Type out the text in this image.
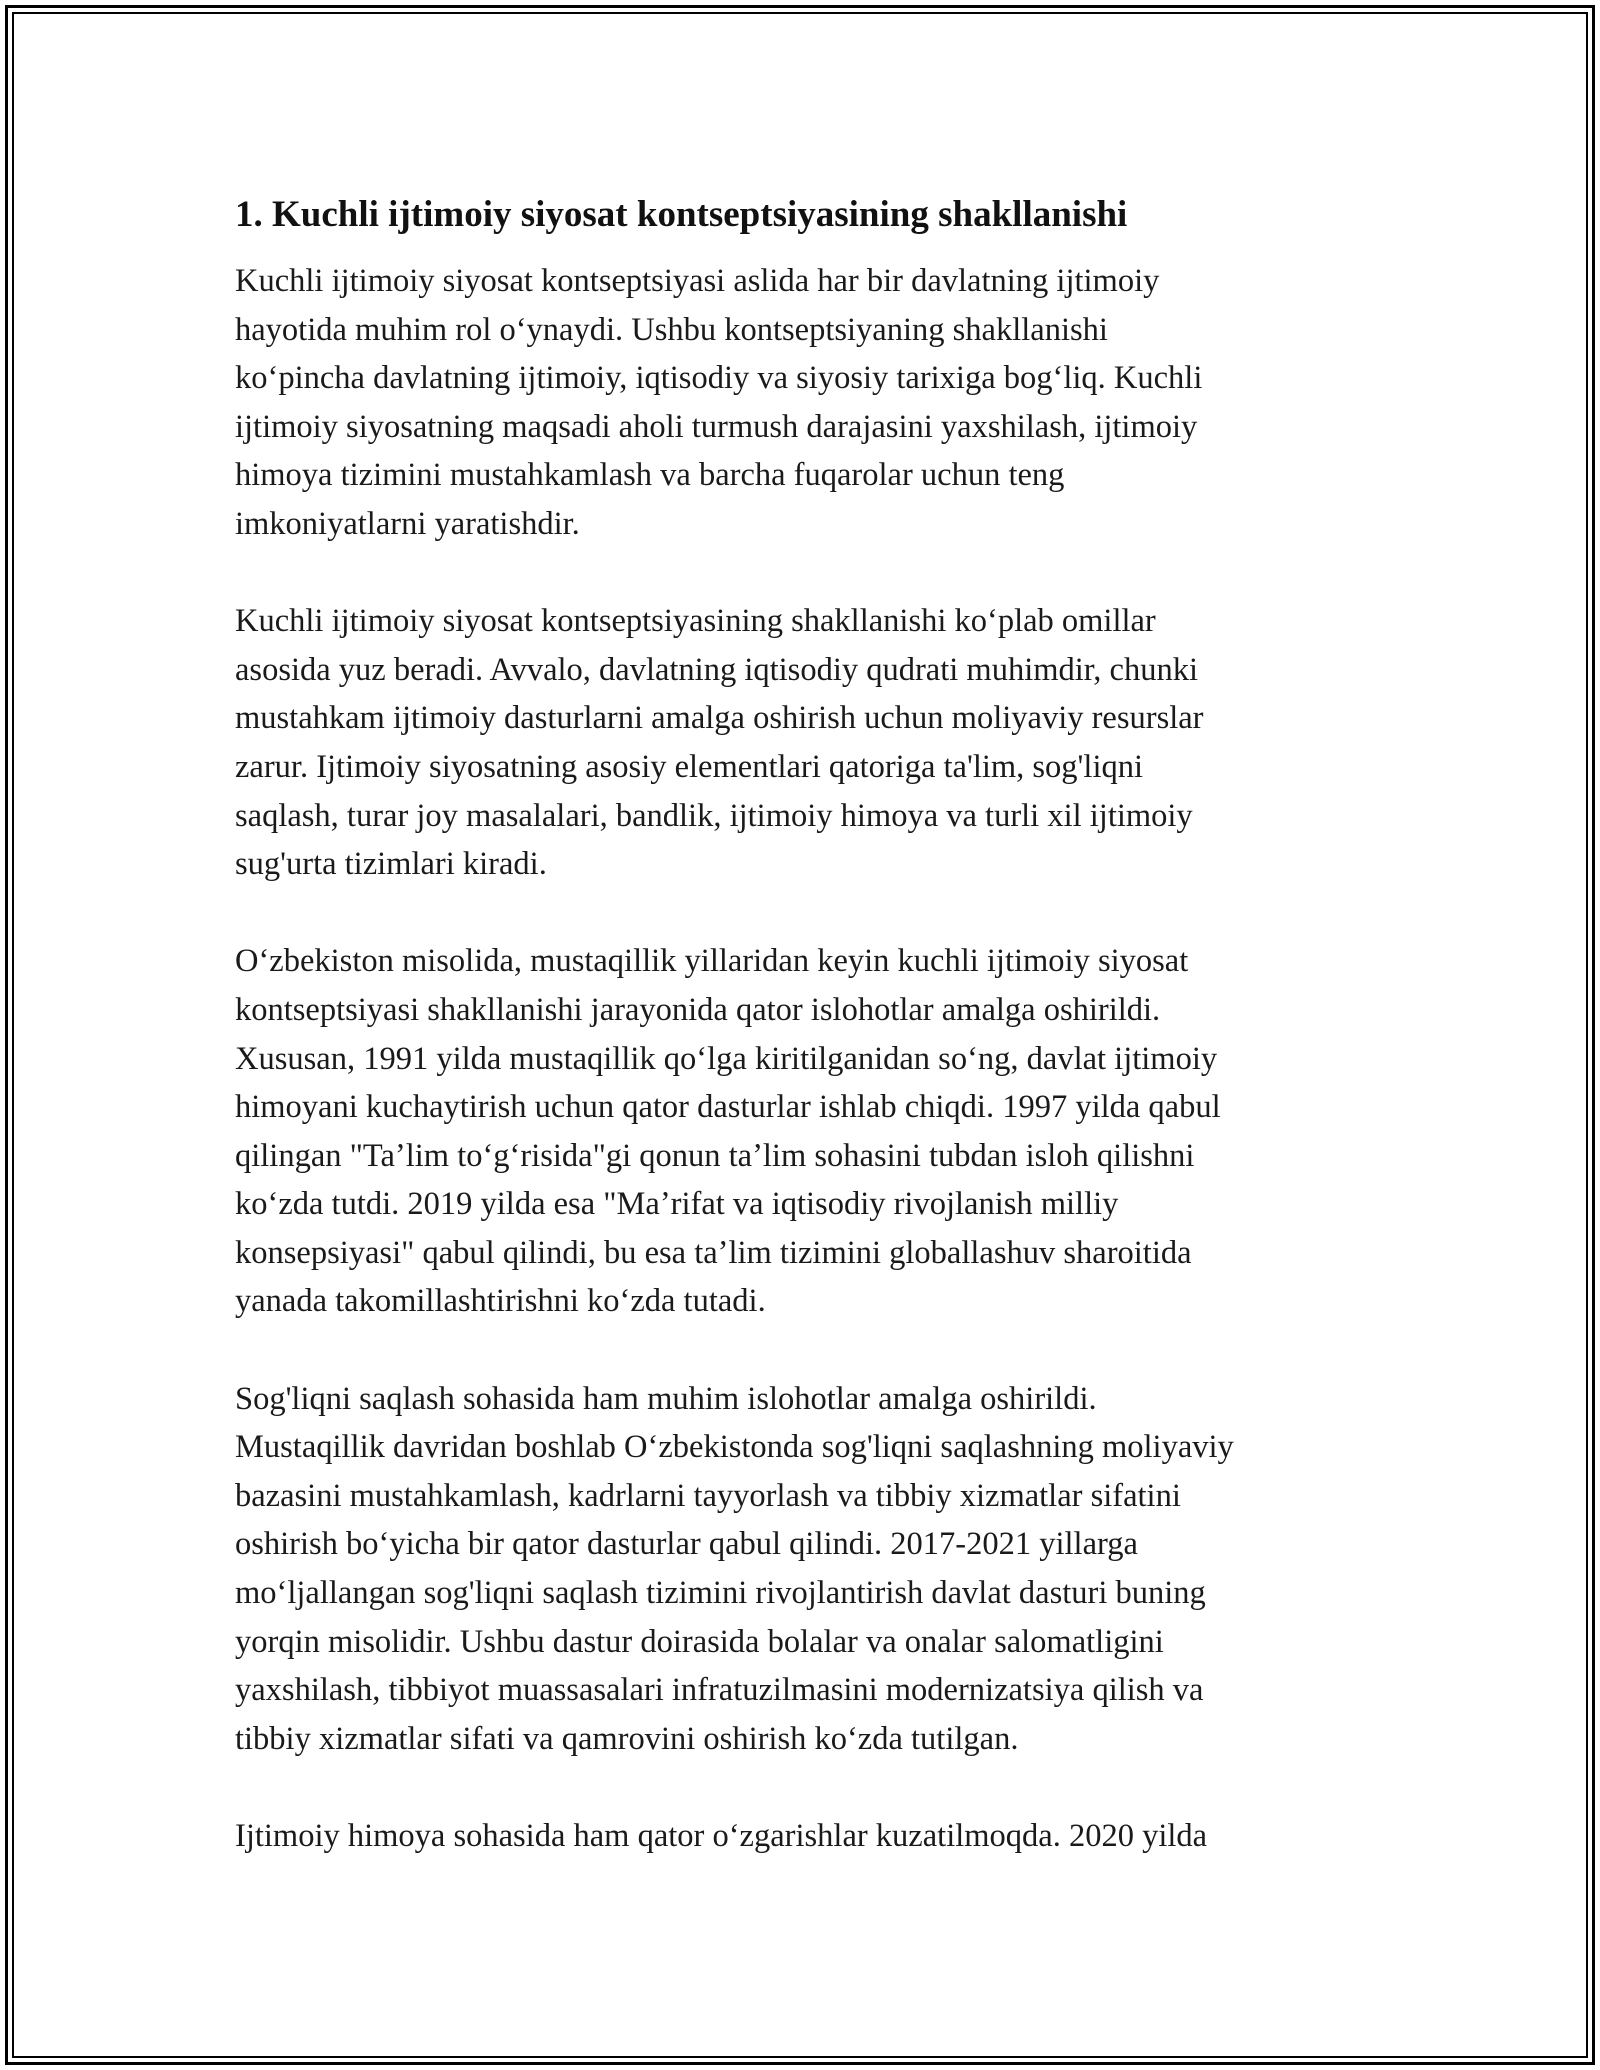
1. Kuchli ijtimoiy siyosat kontseptsiyasining shakllanishi
Kuchli ijtimoiy siyosat kontseptsiyasi aslida har bir davlatning ijtimoiy
hayotida muhim rol oʻynaydi. Ushbu kontseptsiyaning shakllanishi
koʻpincha davlatning ijtimoiy, iqtisodiy va siyosiy tarixiga bogʻliq. Kuchli
ijtimoiy siyosatning maqsadi aholi turmush darajasini yaxshilash, ijtimoiy
himoya tizimini mustahkamlash va barcha fuqarolar uchun teng
imkoniyatlarni yaratishdir.
Kuchli ijtimoiy siyosat kontseptsiyasining shakllanishi koʻplab omillar
asosida yuz beradi. Avvalo, davlatning iqtisodiy qudrati muhimdir, chunki
mustahkam ijtimoiy dasturlarni amalga oshirish uchun moliyaviy resurslar
zarur. Ijtimoiy siyosatning asosiy elementlari qatoriga ta'lim, sog'liqni
saqlash, turar joy masalalari, bandlik, ijtimoiy himoya va turli xil ijtimoiy
sug'urta tizimlari kiradi.
Oʻzbekiston misolida, mustaqillik yillaridan keyin kuchli ijtimoiy siyosat
kontseptsiyasi shakllanishi jarayonida qator islohotlar amalga oshirildi.
Xususan, 1991 yilda mustaqillik qoʻlga kiritilganidan soʻng, davlat ijtimoiy
himoyani kuchaytirish uchun qator dasturlar ishlab chiqdi. 1997 yilda qabul
qilingan "Taʼlim toʻgʻrisida"gi qonun taʼlim sohasini tubdan isloh qilishni
koʻzda tutdi. 2019 yilda esa "Maʼrifat va iqtisodiy rivojlanish milliy
konsepsiyasi" qabul qilindi, bu esa taʼlim tizimini globallashuv sharoitida
yanada takomillashtirishni koʻzda tutadi.
Sog'liqni saqlash sohasida ham muhim islohotlar amalga oshirildi.
Mustaqillik davridan boshlab Oʻzbekistonda sog'liqni saqlashning moliyaviy
bazasini mustahkamlash, kadrlarni tayyorlash va tibbiy xizmatlar sifatini
oshirish boʻyicha bir qator dasturlar qabul qilindi. 2017-2021 yillarga
moʻljallangan sog'liqni saqlash tizimini rivojlantirish davlat dasturi buning
yorqin misolidir. Ushbu dastur doirasida bolalar va onalar salomatligini
yaxshilash, tibbiyot muassasalari infratuzilmasini modernizatsiya qilish va
tibbiy xizmatlar sifati va qamrovini oshirish koʻzda tutilgan.
Ijtimoiy himoya sohasida ham qator oʻzgarishlar kuzatilmoqda. 2020 yilda
